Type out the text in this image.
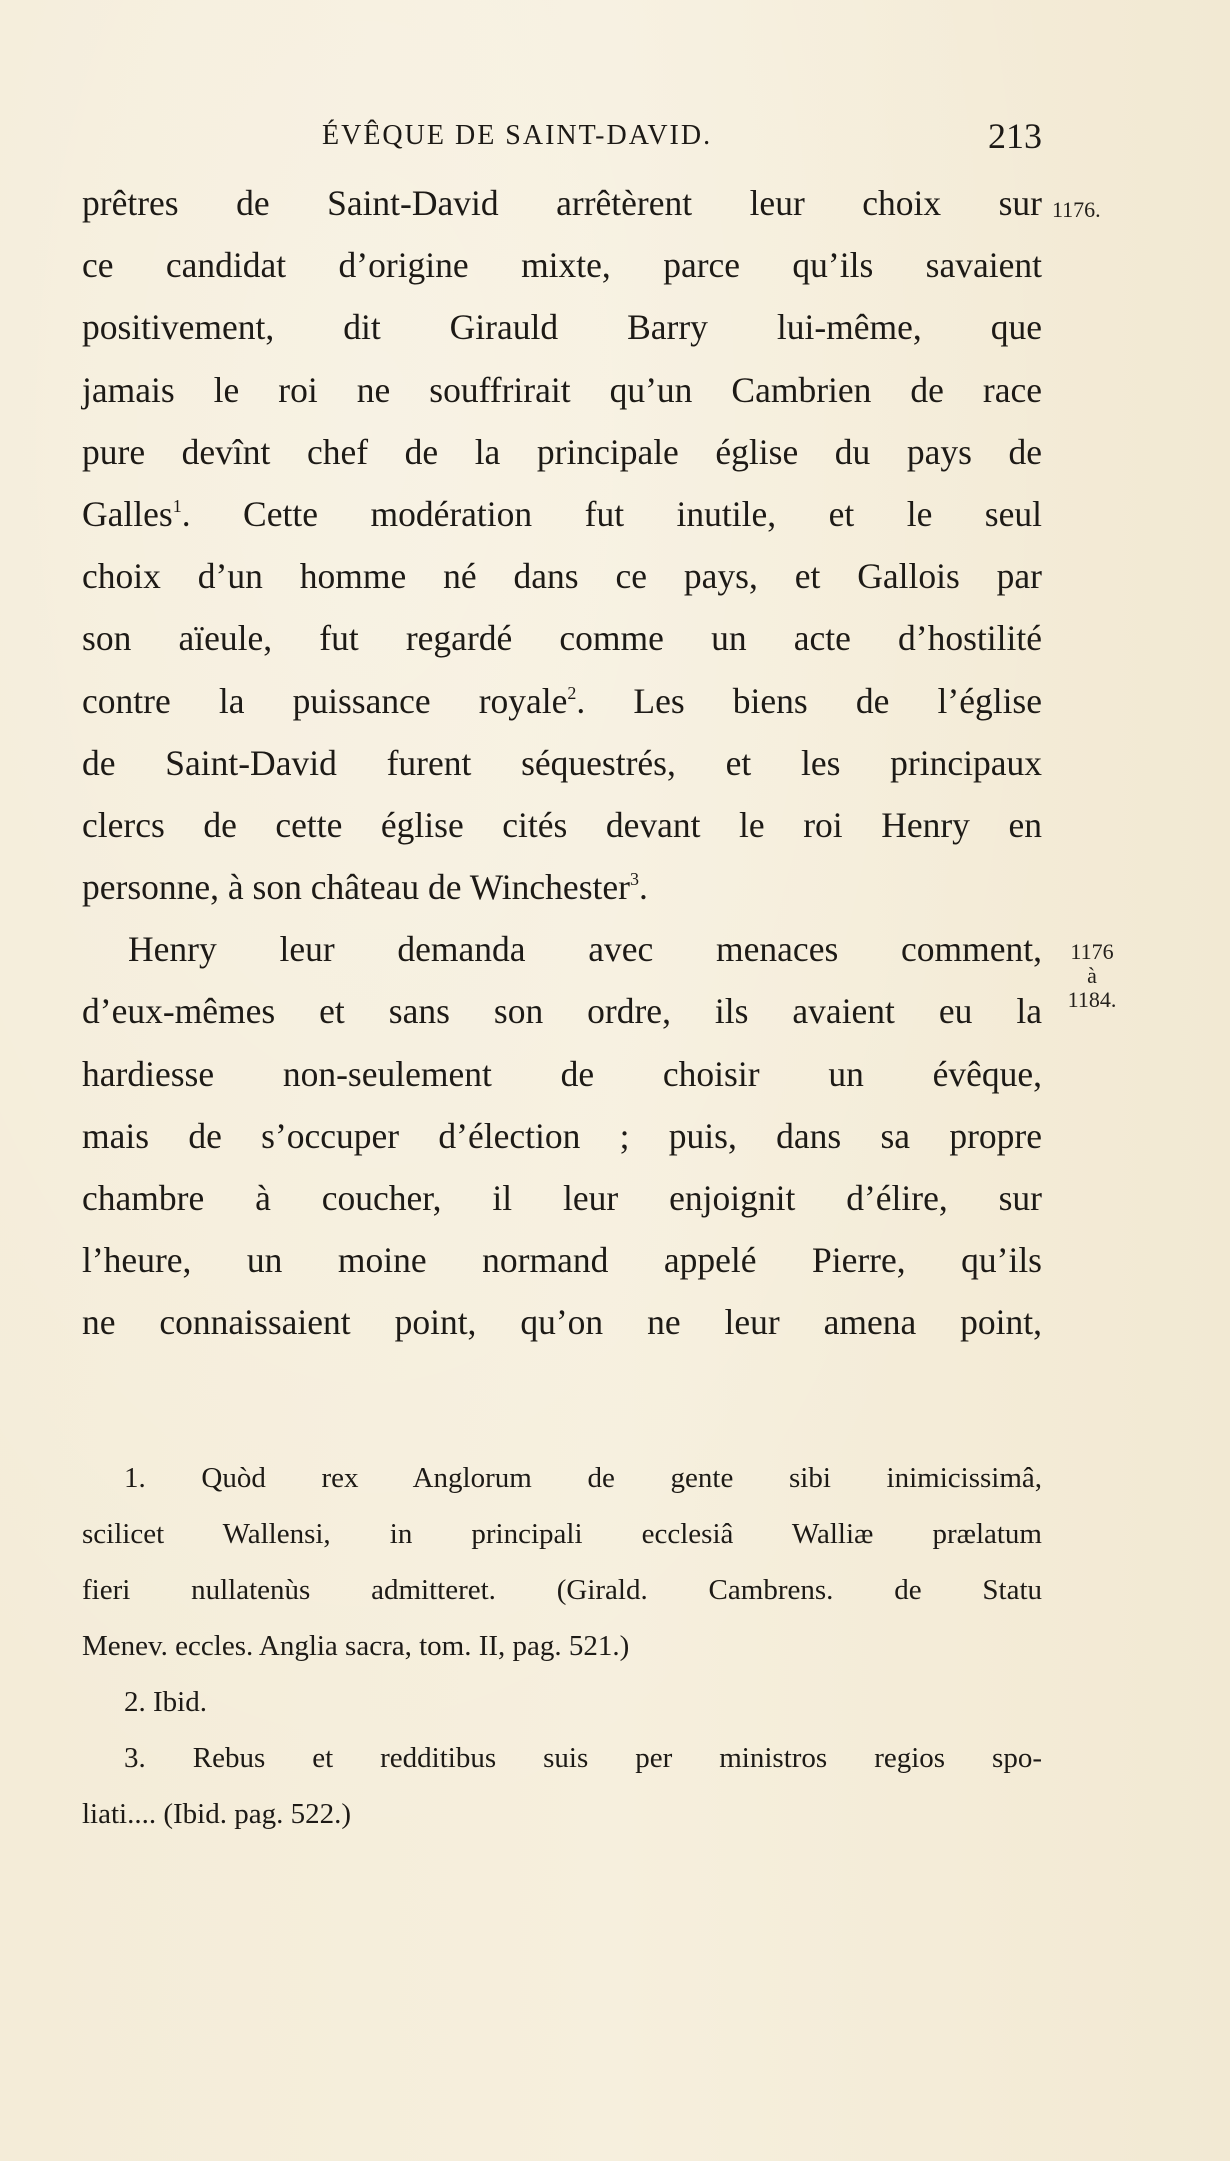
ÉVÊQUE DE SAINT-DAVID.	213
1176.
1176
à
1184.
prêtres de Saint-David arrêtèrent leur choix sur
ce candidat d’origine mixte, parce qu’ils savaient
positivement, dit Girauld Barry lui-même, que
jamais le roi ne souffrirait qu’un Cambrien de race
pure devînt chef de la principale église du pays de
Galles$^1$. Cette modération fut inutile, et le seul
choix d’un homme né dans ce pays, et Gallois par
son aïeule, fut regardé comme un acte d’hostilité
contre la puissance royale$^2$. Les biens de l’église
de Saint-David furent séquestrés, et les principaux
clercs de cette église cités devant le roi Henry en
personne, à son château de Winchester$^3$.
Henry leur demanda avec menaces comment,
d’eux-mêmes et sans son ordre, ils avaient eu la
hardiesse non-seulement de choisir un évêque,
mais de s’occuper d’élection ; puis, dans sa propre
chambre à coucher, il leur enjoignit d’élire, sur
l’heure, un moine normand appelé Pierre, qu’ils
ne connaissaient point, qu’on ne leur amena point,
1. Quòd rex Anglorum de gente sibi inimicissimâ,
scilicet Wallensi, in principali ecclesiâ Walliæ prælatum
fieri nullatenùs admitteret. (Girald. Cambrens. de Statu
Menev. eccles. Anglia sacra, tom. II, pag. 521.)
2. Ibid.
3. Rebus et redditibus suis per ministros regios spo-
liati.... (Ibid. pag. 522.)
